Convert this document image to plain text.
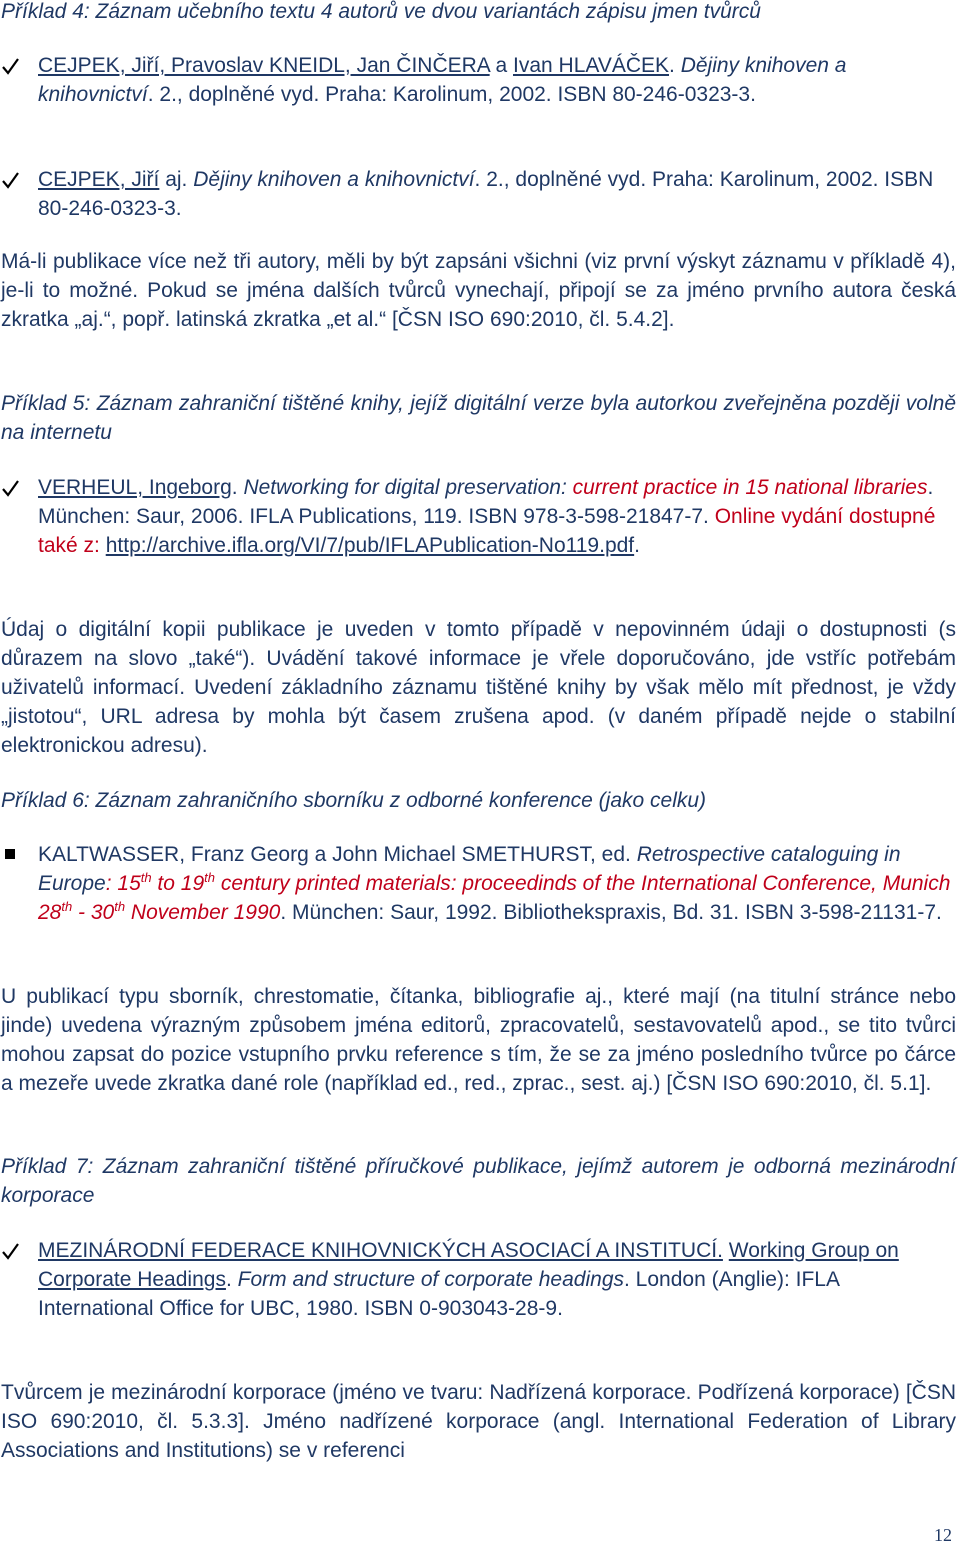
Příklad 4: Záznam učebního textu 4 autorů ve dvou variantách zápisu jmen tvůrců
CEJPEK, Jiří, Pravoslav KNEIDL, Jan ČINČERA a Ivan HLAVÁČEK. Dějiny knihoven a knihovnictví. 2., doplněné vyd. Praha: Karolinum, 2002. ISBN 80-246-0323-3.
CEJPEK, Jiří aj. Dějiny knihoven a knihovnictví. 2., doplněné vyd. Praha: Karolinum, 2002. ISBN 80-246-0323-3.
Má-li publikace více než tři autory, měli by být zapsáni všichni (viz první výskyt záznamu v příkladě 4), je-li to možné. Pokud se jména dalších tvůrců vynechají, připojí se za jméno prvního autora česká zkratka „aj.“, popř. latinská zkratka „et al.“ [ČSN ISO 690:2010, čl. 5.4.2].
Příklad 5: Záznam zahraniční tištěné knihy, jejíž digitální verze byla autorkou zveřejněna později volně na internetu
VERHEUL, Ingeborg. Networking for digital preservation: current practice in 15 national libraries. München: Saur, 2006. IFLA Publications, 119. ISBN 978-3-598-21847-7. Online vydání dostupné také z: http://archive.ifla.org/VI/7/pub/IFLAPublication-No119.pdf.
Údaj o digitální kopii publikace je uveden v tomto případě v nepovinném údaji o dostupnosti (s důrazem na slovo „také“). Uvádění takové informace je vřele doporučováno, jde vstříc potřebám uživatelů informací. Uvedení základního záznamu tištěné knihy by však mělo mít přednost, je vždy „jistotou“, URL adresa by mohla být časem zrušena apod. (v daném případě nejde o stabilní elektronickou adresu).
Příklad 6: Záznam zahraničního sborníku z odborné konference (jako celku)
KALTWASSER, Franz Georg a John Michael SMETHURST, ed. Retrospective cataloguing in Europe: 15th to 19th century printed materials: proceedinds of the International Conference, Munich 28th - 30th November 1990. München: Saur, 1992. Bibliothekspraxis, Bd. 31. ISBN 3-598-21131-7.
U publikací typu sborník, chrestomatie, čítanka, bibliografie aj., které mají (na titulní stránce nebo jinde) uvedena výrazným způsobem jména editorů, zpracovatelů, sestavovatelů apod., se tito tvůrci mohou zapsat do pozice vstupního prvku reference s tím, že se za jméno posledního tvůrce po čárce a mezeře uvede zkratka dané role (například ed., red., zprac., sest. aj.) [ČSN ISO 690:2010, čl. 5.1].
Příklad 7: Záznam zahraniční tištěné příručkové publikace, jejímž autorem je odborná mezinárodní korporace
MEZINÁRODNÍ FEDERACE KNIHOVNICKÝCH ASOCIACÍ A INSTITUCÍ. Working Group on Corporate Headings. Form and structure of corporate headings. London (Anglie): IFLA International Office for UBC, 1980. ISBN 0-903043-28-9.
Tvůrcem je mezinárodní korporace (jméno ve tvaru: Nadřízená korporace. Podřízená korporace) [ČSN ISO 690:2010, čl. 5.3.3]. Jméno nadřízené korporace (angl. International Federation of Library Associations and Institutions) se v referenci
12
